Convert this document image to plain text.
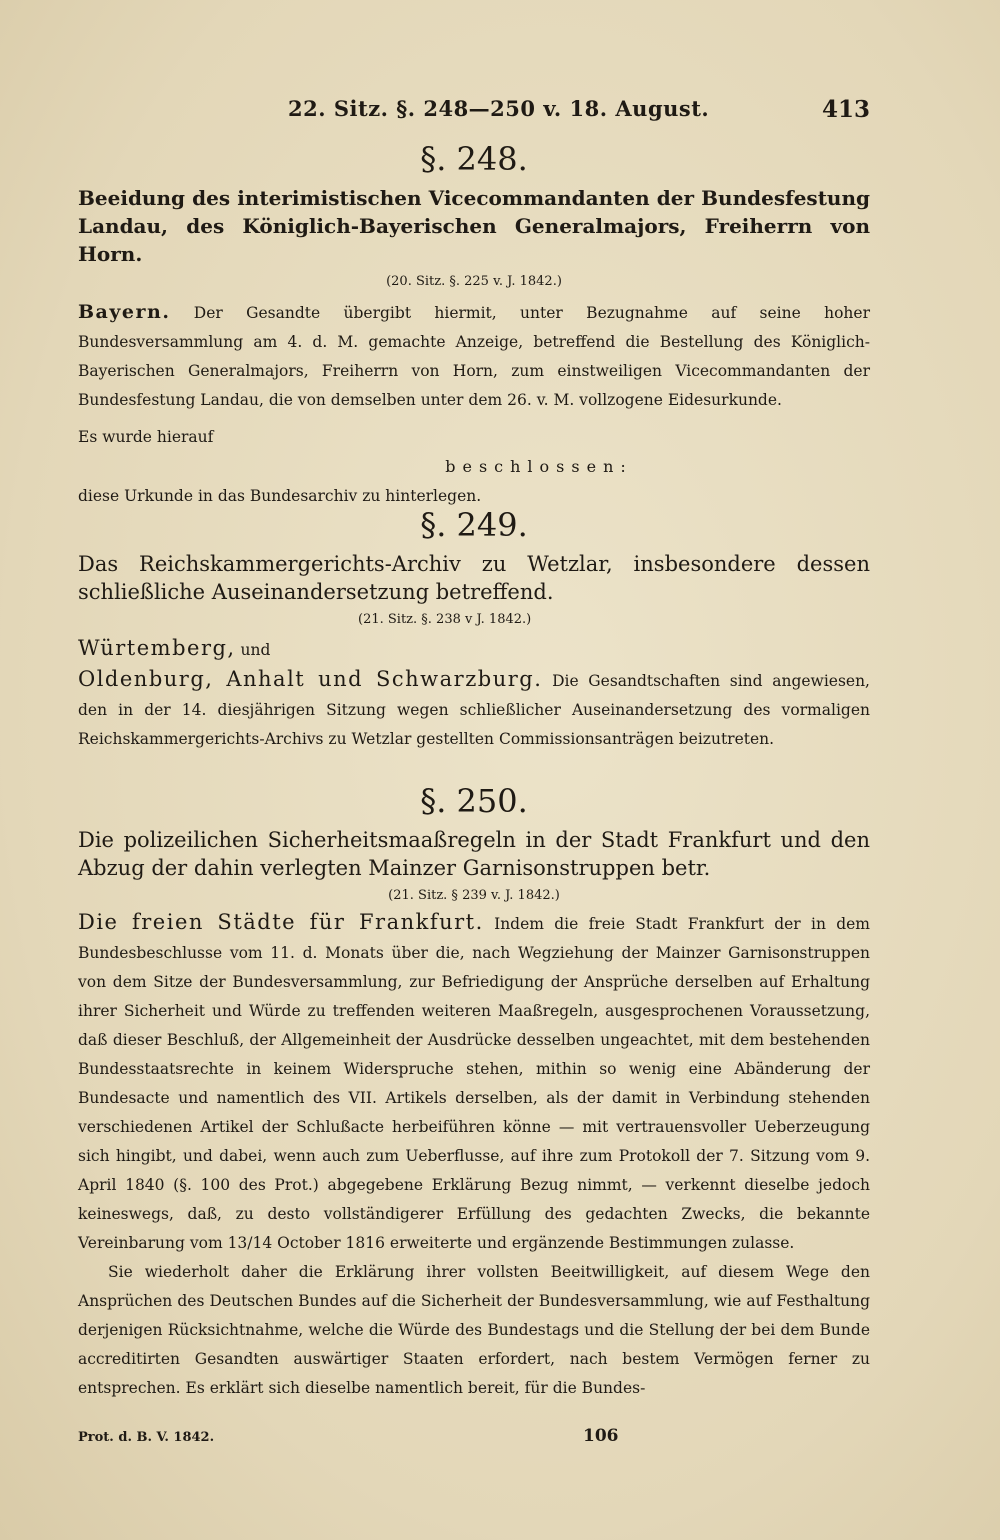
22. Sitz. §. 248—250 v. 18. August.	413

§. 248.

Beeidung des interimistischen Vicecommandanten der Bundesfestung Landau, des Königlich-Bayerischen Generalmajors, Freiherrn von Horn.

(20. Sitz. §. 225 v. J. 1842.)

Bayern. Der Gesandte übergibt hiermit, unter Bezugnahme auf seine hoher Bundesversammlung am 4. d. M. gemachte Anzeige, betreffend die Bestellung des Königlich-Bayerischen Generalmajors, Freiherrn von Horn, zum einstweiligen Vicecommandanten der Bundesfestung Landau, die von demselben unter dem 26. v. M. vollzogene Eidesurkunde.

Es wurde hierauf

beschlossen:

diese Urkunde in das Bundesarchiv zu hinterlegen.

§. 249.

Das Reichskammergerichts-Archiv zu Wetzlar, insbesondere dessen schließliche Auseinandersetzung betreffend.

(21. Sitz. §. 238 v J. 1842.)

Würtemberg, und

Oldenburg, Anhalt und Schwarzburg. Die Gesandtschaften sind angewiesen, den in der 14. diesjährigen Sitzung wegen schließlicher Auseinandersetzung des vormaligen Reichskammergerichts-Archivs zu Wetzlar gestellten Commissionsanträgen beizutreten.

§. 250.

Die polizeilichen Sicherheitsmaaßregeln in der Stadt Frankfurt und den Abzug der dahin verlegten Mainzer Garnisonstruppen betr.

(21. Sitz. § 239 v. J. 1842.)

Die freien Städte für Frankfurt. Indem die freie Stadt Frankfurt der in dem Bundesbeschlusse vom 11. d. Monats über die, nach Wegziehung der Mainzer Garnisonstruppen von dem Sitze der Bundesversammlung, zur Befriedigung der Ansprüche derselben auf Erhaltung ihrer Sicherheit und Würde zu treffenden weiteren Maaßregeln, ausgesprochenen Voraussetzung, daß dieser Beschluß, der Allgemeinheit der Ausdrücke desselben ungeachtet, mit dem bestehenden Bundesstaatsrechte in keinem Widerspruche stehen, mithin so wenig eine Abänderung der Bundesacte und namentlich des VII. Artikels derselben, als der damit in Verbindung stehenden verschiedenen Artikel der Schlußacte herbeiführen könne — mit vertrauensvoller Ueberzeugung sich hingibt, und dabei, wenn auch zum Ueberflusse, auf ihre zum Protokoll der 7. Sitzung vom 9. April 1840 (§. 100 des Prot.) abgegebene Erklärung Bezug nimmt, — verkennt dieselbe jedoch keineswegs, daß, zu desto vollständigerer Erfüllung des gedachten Zwecks, die bekannte Vereinbarung vom 13/14 October 1816 erweiterte und ergänzende Bestimmungen zulasse.

Sie wiederholt daher die Erklärung ihrer vollsten Beeitwilligkeit, auf diesem Wege den Ansprüchen des Deutschen Bundes auf die Sicherheit der Bundesversammlung, wie auf Festhaltung derjenigen Rücksichtnahme, welche die Würde des Bundestags und die Stellung der bei dem Bunde accreditirten Gesandten auswärtiger Staaten erfordert, nach bestem Vermögen ferner zu entsprechen. Es erklärt sich dieselbe namentlich bereit, für die Bundes-

Prot. d. B. V. 1842.	106
